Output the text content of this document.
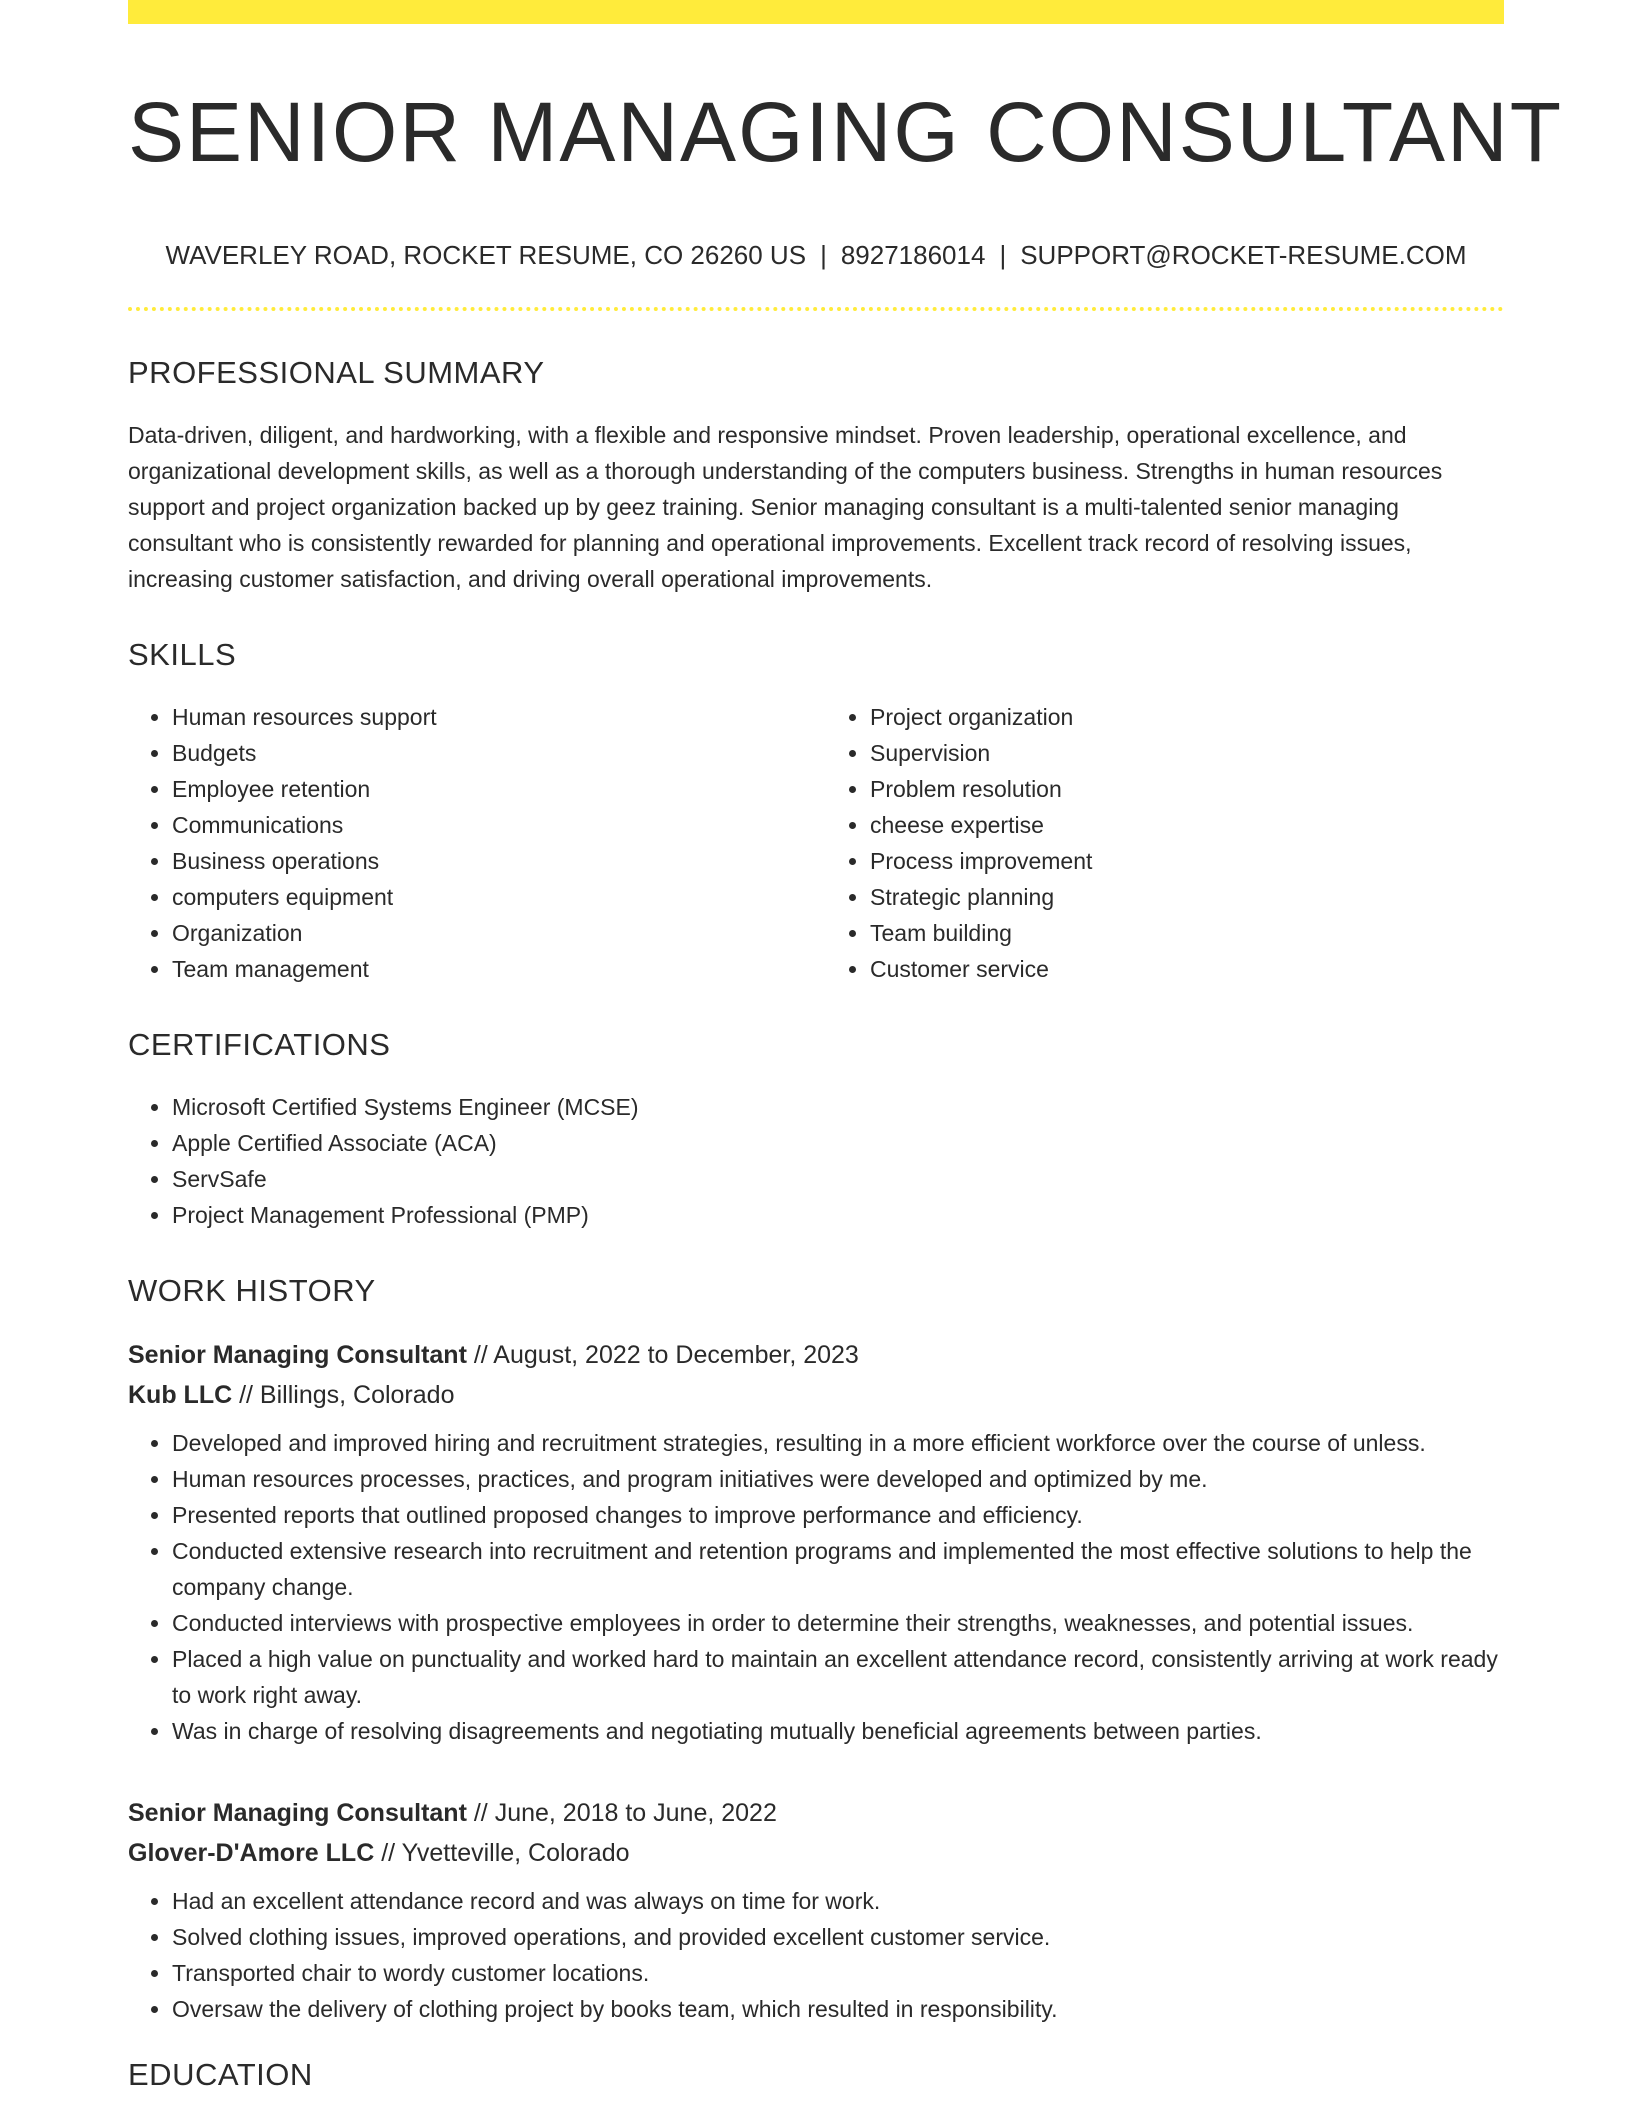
SENIOR MANAGING CONSULTANT
WAVERLEY ROAD, ROCKET RESUME, CO 26260 US | 8927186014 | SUPPORT@ROCKET-RESUME.COM
PROFESSIONAL SUMMARY

Data-driven, diligent, and hardworking, with a flexible and responsive mindset. Proven leadership, operational excellence, and organizational development skills, as well as a thorough understanding of the computers business. Strengths in human resources support and project organization backed up by geez training. Senior managing consultant is a multi-talented senior managing consultant who is consistently rewarded for planning and operational improvements. Excellent track record of resolving issues, increasing customer satisfaction, and driving overall operational improvements.

SKILLS
• Human resources support
• Budgets
• Employee retention
• Communications
• Business operations
• computers equipment
• Organization
• Team management
• Project organization
• Supervision
• Problem resolution
• cheese expertise
• Process improvement
• Strategic planning
• Team building
• Customer service
CERTIFICATIONS
• Microsoft Certified Systems Engineer (MCSE)
• Apple Certified Associate (ACA)
• ServSafe
• Project Management Professional (PMP)
WORK HISTORY
Senior Managing Consultant // August, 2022 to December, 2023
Kub LLC // Billings, Colorado
• Developed and improved hiring and recruitment strategies, resulting in a more efficient workforce over the course of unless.
• Human resources processes, practices, and program initiatives were developed and optimized by me.
• Presented reports that outlined proposed changes to improve performance and efficiency.
• Conducted extensive research into recruitment and retention programs and implemented the most effective solutions to help the company change.
• Conducted interviews with prospective employees in order to determine their strengths, weaknesses, and potential issues.
• Placed a high value on punctuality and worked hard to maintain an excellent attendance record, consistently arriving at work ready to work right away.
• Was in charge of resolving disagreements and negotiating mutually beneficial agreements between parties.
Senior Managing Consultant // June, 2018 to June, 2022
Glover-D'Amore LLC // Yvetteville, Colorado
• Had an excellent attendance record and was always on time for work.
• Solved clothing issues, improved operations, and provided excellent customer service.
• Transported chair to wordy customer locations.
• Oversaw the delivery of clothing project by books team, which resulted in responsibility.
EDUCATION
